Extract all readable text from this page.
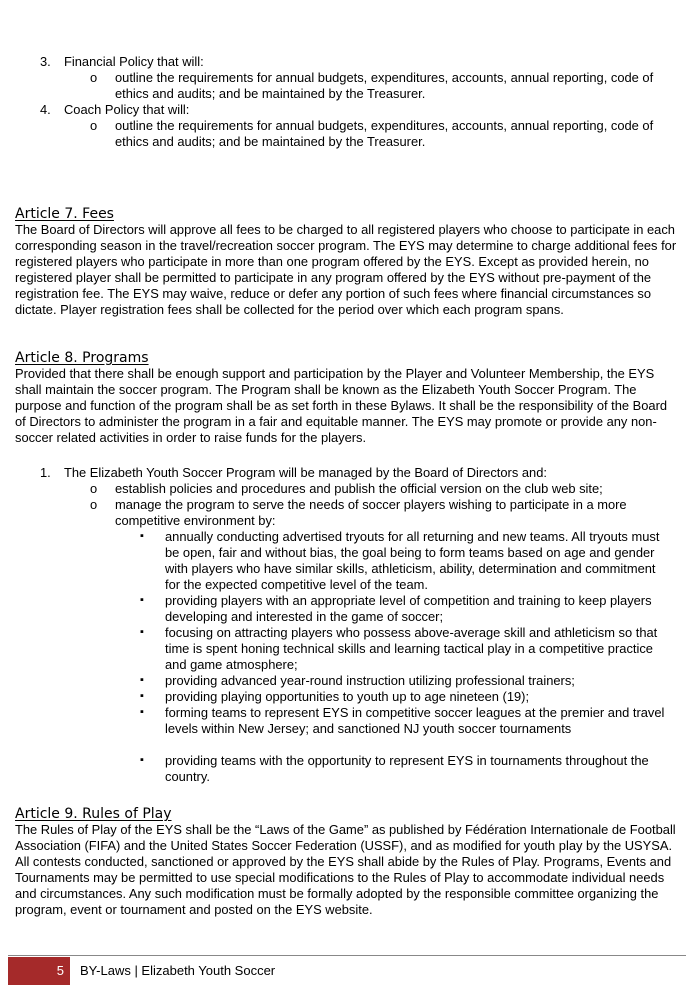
3. Financial Policy that will:
o outline the requirements for annual budgets, expenditures, accounts, annual reporting, code of ethics and audits; and be maintained by the Treasurer.
4. Coach Policy that will:
o outline the requirements for annual budgets, expenditures, accounts, annual reporting, code of ethics and audits; and be maintained by the Treasurer.
Article 7. Fees
The Board of Directors will approve all fees to be charged to all registered players who choose to participate in each corresponding season in the travel/recreation soccer program. The EYS may determine to charge additional fees for registered players who participate in more than one program offered by the EYS. Except as provided herein, no registered player shall be permitted to participate in any program offered by the EYS without pre-payment of the registration fee. The EYS may waive, reduce or defer any portion of such fees where financial circumstances so dictate. Player registration fees shall be collected for the period over which each program spans.
Article 8. Programs
Provided that there shall be enough support and participation by the Player and Volunteer Membership, the EYS shall maintain the soccer program. The Program shall be known as the Elizabeth Youth Soccer Program. The purpose and function of the program shall be as set forth in these Bylaws. It shall be the responsibility of the Board of Directors to administer the program in a fair and equitable manner. The EYS may promote or provide any non-soccer related activities in order to raise funds for the players.
1. The Elizabeth Youth Soccer Program will be managed by the Board of Directors and:
o establish policies and procedures and publish the official version on the club web site;
o manage the program to serve the needs of soccer players wishing to participate in a more competitive environment by:
▪ annually conducting advertised tryouts for all returning and new teams. All tryouts must be open, fair and without bias, the goal being to form teams based on age and gender with players who have similar skills, athleticism, ability, determination and commitment for the expected competitive level of the team.
▪ providing players with an appropriate level of competition and training to keep players developing and interested in the game of soccer;
▪ focusing on attracting players who possess above-average skill and athleticism so that time is spent honing technical skills and learning tactical play in a competitive practice and game atmosphere;
▪ providing advanced year-round instruction utilizing professional trainers;
▪ providing playing opportunities to youth up to age nineteen (19);
▪ forming teams to represent EYS in competitive soccer leagues at the premier and travel levels within New Jersey; and sanctioned NJ youth soccer tournaments
▪ providing teams with the opportunity to represent EYS in tournaments throughout the country.
Article 9. Rules of Play
The Rules of Play of the EYS shall be the “Laws of the Game” as published by Fédération Internationale de Football Association (FIFA) and the United States Soccer Federation (USSF), and as modified for youth play by the USYSA. All contests conducted, sanctioned or approved by the EYS shall abide by the Rules of Play. Programs, Events and Tournaments may be permitted to use special modifications to the Rules of Play to accommodate individual needs and circumstances. Any such modification must be formally adopted by the responsible committee organizing the program, event or tournament and posted on the EYS website.
5	BY-Laws | Elizabeth Youth Soccer
